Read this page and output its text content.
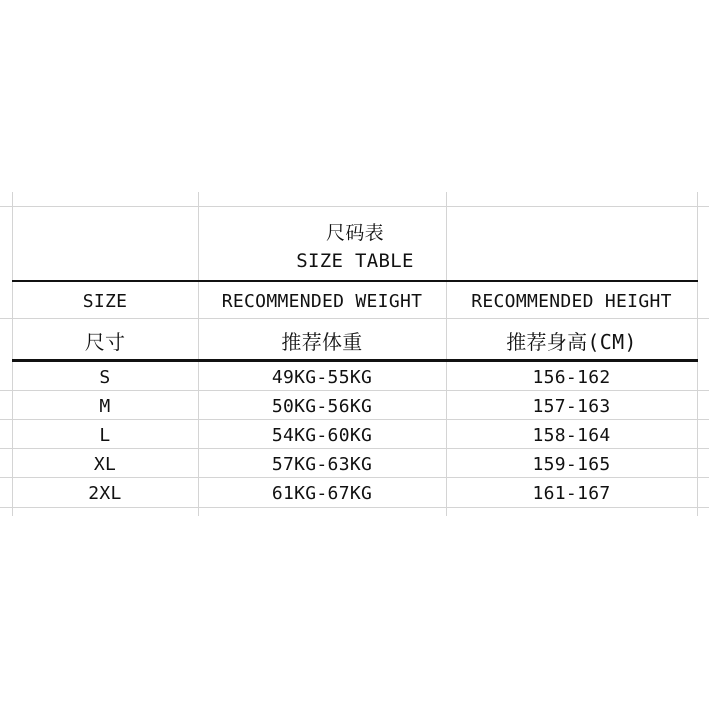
尺码表
SIZE TABLE
SIZE	RECOMMENDED WEIGHT	RECOMMENDED HEIGHT
尺寸	推荐体重	推荐身高(CM)
S	49KG-55KG	156-162
M	50KG-56KG	157-163
L	54KG-60KG	158-164
XL	57KG-63KG	159-165
2XL	61KG-67KG	161-167
